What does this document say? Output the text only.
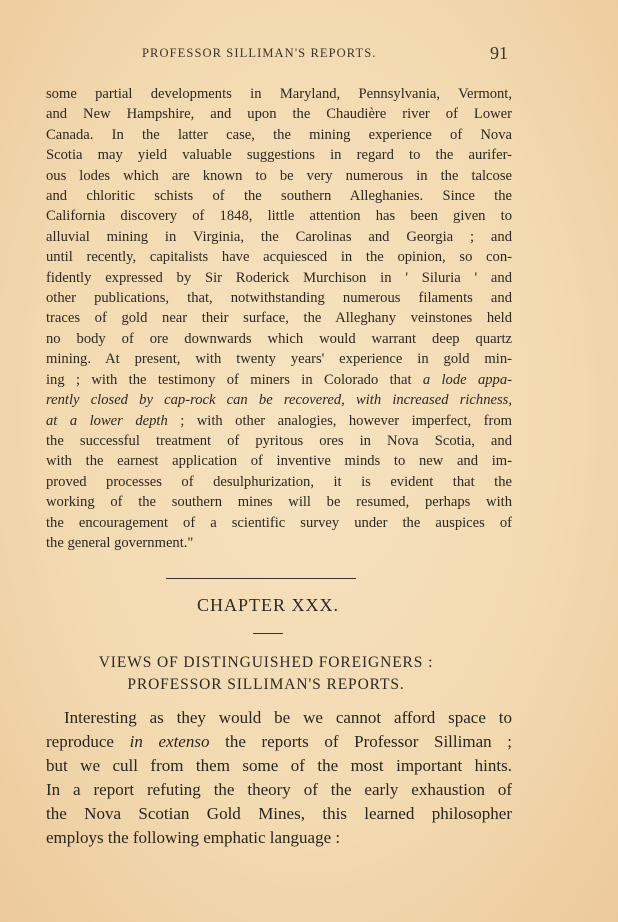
PROFESSOR SILLIMAN'S REPORTS.	91
some partial developments in Maryland, Pennsylvania, Vermont,
and New Hampshire, and upon the Chaudière river of Lower
Canada. In the latter case, the mining experience of Nova
Scotia may yield valuable suggestions in regard to the aurifer-
ous lodes which are known to be very numerous in the talcose
and chloritic schists of the southern Alleghanies. Since the
California discovery of 1848, little attention has been given to
alluvial mining in Virginia, the Carolinas and Georgia ; and
until recently, capitalists have acquiesced in the opinion, so con-
fidently expressed by Sir Roderick Murchison in ' Siluria ' and
other publications, that, notwithstanding numerous filaments and
traces of gold near their surface, the Alleghany veinstones held
no body of ore downwards which would warrant deep quartz
mining. At present, with twenty years' experience in gold min-
ing ; with the testimony of miners in Colorado that a lode appa-
rently closed by cap-rock can be recovered, with increased richness,
at a lower depth ; with other analogies, however imperfect, from
the successful treatment of pyritous ores in Nova Scotia, and
with the earnest application of inventive minds to new and im-
proved processes of desulphurization, it is evident that the
working of the southern mines will be resumed, perhaps with
the encouragement of a scientific survey under the auspices of
the general government."
CHAPTER XXX.
VIEWS OF DISTINGUISHED FOREIGNERS :
PROFESSOR SILLIMAN'S REPORTS.
Interesting as they would be we cannot afford space to
reproduce in extenso the reports of Professor Silliman ;
but we cull from them some of the most important hints.
In a report refuting the theory of the early exhaustion of
the Nova Scotian Gold Mines, this learned philosopher
employs the following emphatic language :
